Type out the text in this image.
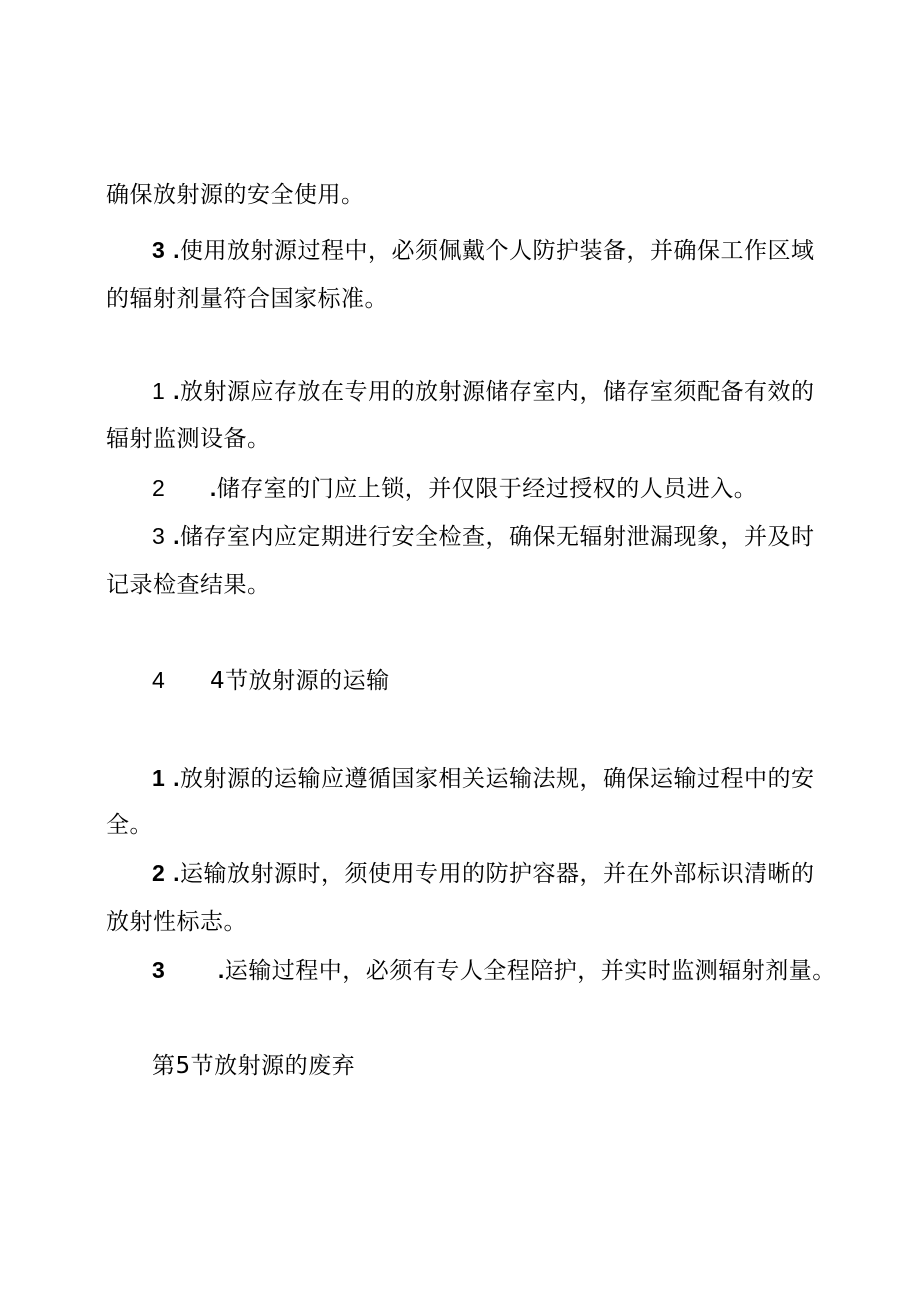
确保放射源的安全使用。
3 .使用放射源过程中，必须佩戴个人防护装备，并确保工作区域
的辐射剂量符合国家标准。
1 .放射源应存放在专用的放射源储存室内，储存室须配备有效的
辐射监测设备。
2 .储存室的门应上锁，并仅限于经过授权的人员进入。
3 .储存室内应定期进行安全检查，确保无辐射泄漏现象，并及时
记录检查结果。
4 4节放射源的运输
1 .放射源的运输应遵循国家相关运输法规，确保运输过程中的安
全。
2 .运输放射源时，须使用专用的防护容器，并在外部标识清晰的
放射性标志。
3 .运输过程中，必须有专人全程陪护，并实时监测辐射剂量。
第5节放射源的废弃
